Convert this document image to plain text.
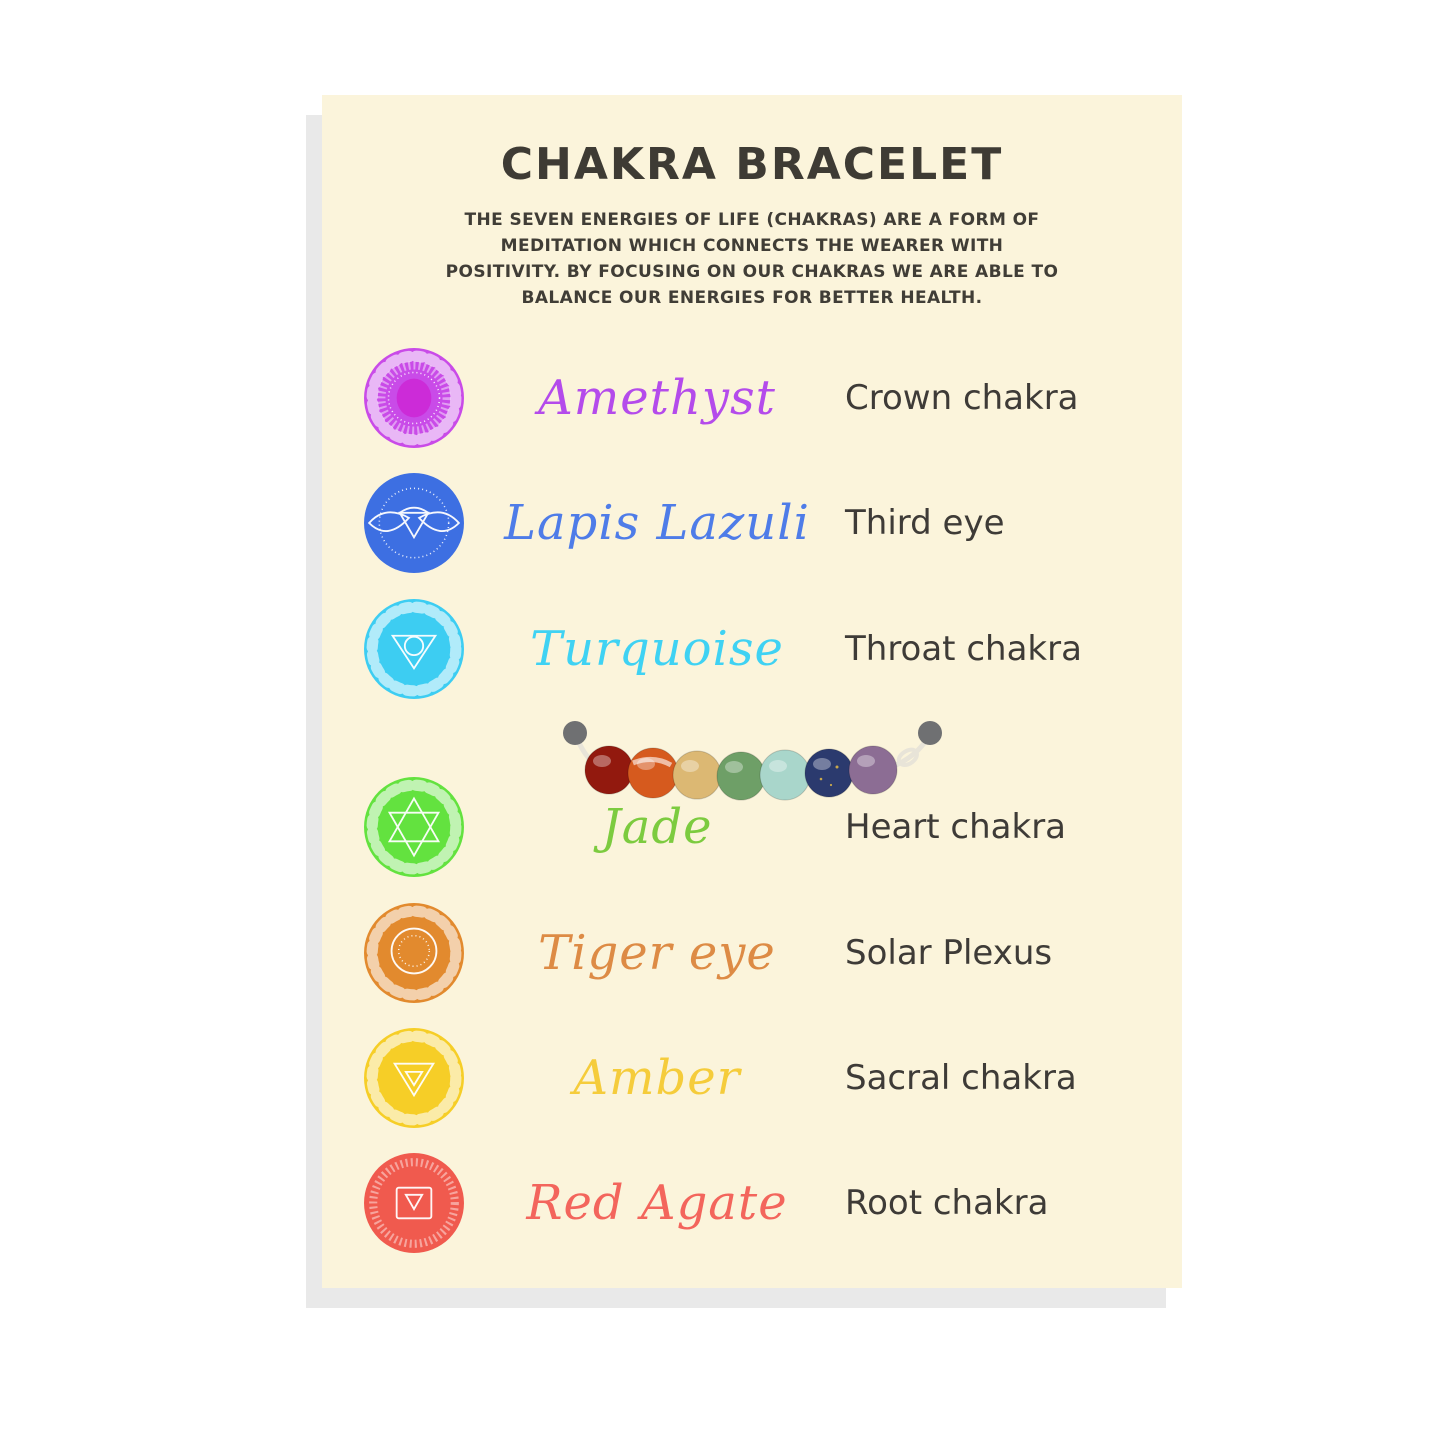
CHAKRA BRACELET
THE SEVEN ENERGIES OF LIFE (CHAKRAS) ARE A FORM OF
MEDITATION WHICH CONNECTS THE WEARER WITH
POSITIVITY. BY FOCUSING ON OUR CHAKRAS WE ARE ABLE TO
BALANCE OUR ENERGIES FOR BETTER HEALTH.
Amethyst	Crown chakra
Lapis Lazuli	Third eye
Turquoise	Throat chakra
Jade	Heart chakra
Tiger eye	Solar Plexus
Amber	Sacral chakra
Red Agate	Root chakra
